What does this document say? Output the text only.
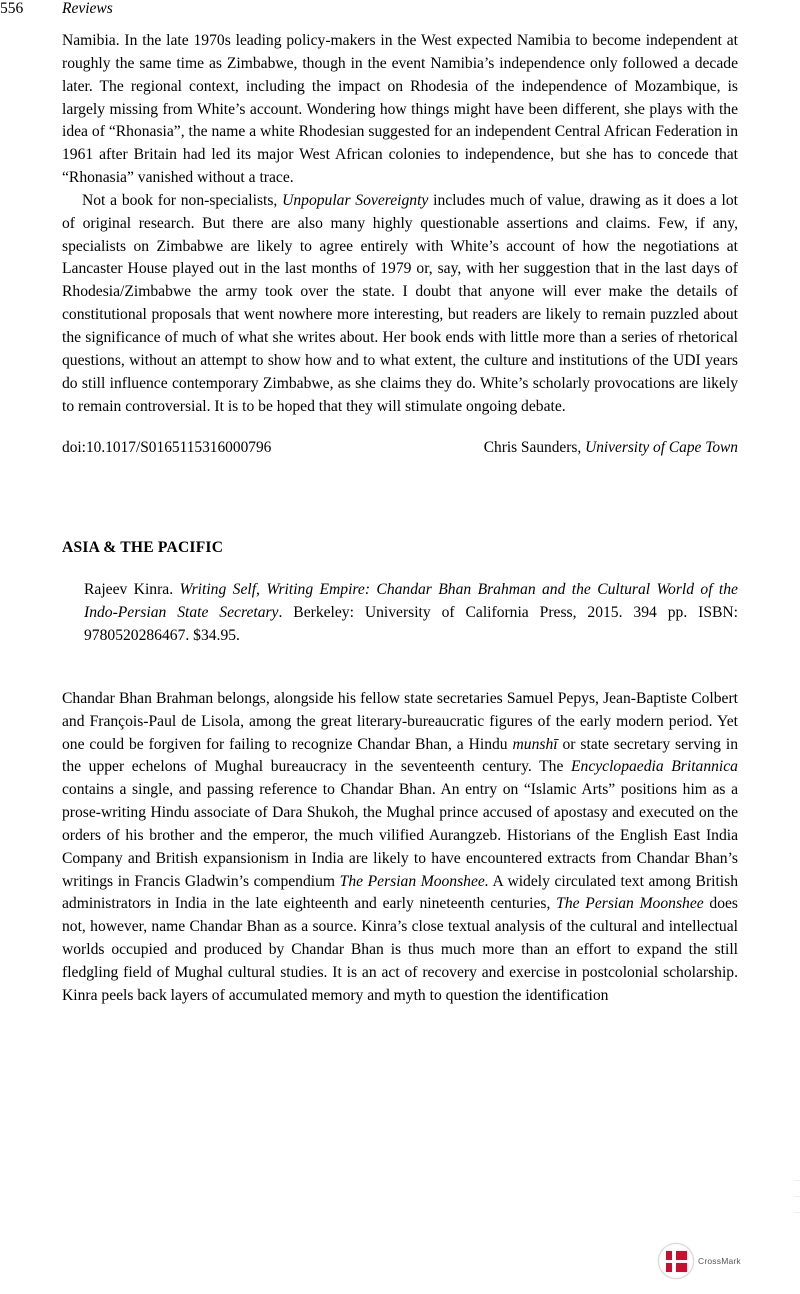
556	Reviews

Namibia. In the late 1970s leading policy-makers in the West expected Namibia to become independent at roughly the same time as Zimbabwe, though in the event Namibia’s independence only followed a decade later. The regional context, including the impact on Rhodesia of the independence of Mozambique, is largely missing from White’s account. Wondering how things might have been different, she plays with the idea of “Rhonasia”, the name a white Rhodesian suggested for an independent Central African Federation in 1961 after Britain had led its major West African colonies to independence, but she has to concede that “Rhonasia” vanished without a trace.

Not a book for non-specialists, Unpopular Sovereignty includes much of value, drawing as it does a lot of original research. But there are also many highly questionable assertions and claims. Few, if any, specialists on Zimbabwe are likely to agree entirely with White’s account of how the negotiations at Lancaster House played out in the last months of 1979 or, say, with her suggestion that in the last days of Rhodesia/Zimbabwe the army took over the state. I doubt that anyone will ever make the details of constitutional proposals that went nowhere more interesting, but readers are likely to remain puzzled about the significance of much of what she writes about. Her book ends with little more than a series of rhetorical questions, without an attempt to show how and to what extent, the culture and institutions of the UDI years do still influence contemporary Zimbabwe, as she claims they do. White’s scholarly provocations are likely to remain controversial. It is to be hoped that they will stimulate ongoing debate.

doi:10.1017/S0165115316000796	Chris Saunders, University of Cape Town
ASIA & THE PACIFIC
Rajeev Kinra. Writing Self, Writing Empire: Chandar Bhan Brahman and the Cultural World of the Indo-Persian State Secretary. Berkeley: University of California Press, 2015. 394 pp. ISBN: 9780520286467. $34.95.

Chandar Bhan Brahman belongs, alongside his fellow state secretaries Samuel Pepys, Jean-Baptiste Colbert and François-Paul de Lisola, among the great literary-bureaucratic figures of the early modern period. Yet one could be forgiven for failing to recognize Chandar Bhan, a Hindu munshī or state secretary serving in the upper echelons of Mughal bureaucracy in the seventeenth century. The Encyclopaedia Britannica contains a single, and passing reference to Chandar Bhan. An entry on “Islamic Arts” positions him as a prose-writing Hindu associate of Dara Shukoh, the Mughal prince accused of apostasy and executed on the orders of his brother and the emperor, the much vilified Aurangzeb. Historians of the English East India Company and British expansionism in India are likely to have encountered extracts from Chandar Bhan’s writings in Francis Gladwin’s compendium The Persian Moonshee. A widely circulated text among British administrators in India in the late eighteenth and early nineteenth centuries, The Persian Moonshee does not, however, name Chandar Bhan as a source. Kinra’s close textual analysis of the cultural and intellectual worlds occupied and produced by Chandar Bhan is thus much more than an effort to expand the still fledgling field of Mughal cultural studies. It is an act of recovery and exercise in postcolonial scholarship. Kinra peels back layers of accumulated memory and myth to question the identification

CrossMark
